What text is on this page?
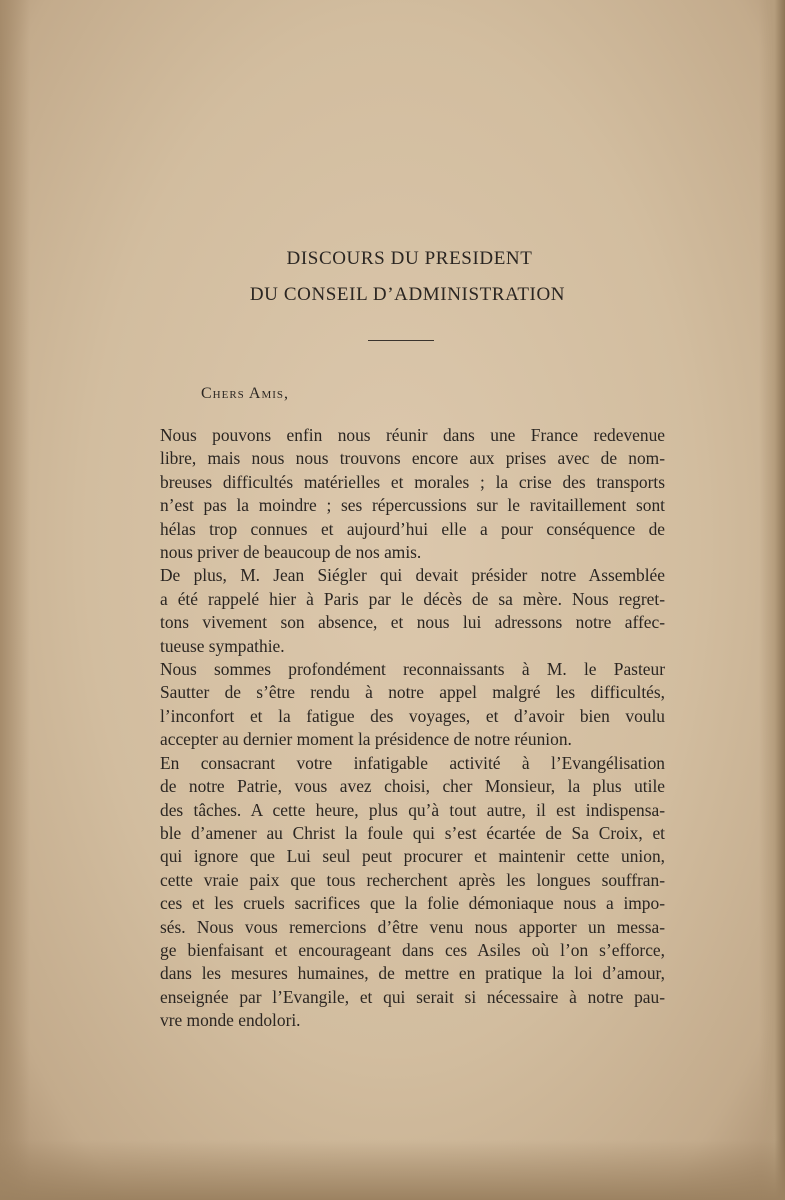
DISCOURS DU PRESIDENT
DU CONSEIL D’ADMINISTRATION
Chers Amis,

Nous pouvons enfin nous réunir dans une France redevenue
libre, mais nous nous trouvons encore aux prises avec de nom-
breuses difficultés matérielles et morales ; la crise des transports
n’est pas la moindre ; ses répercussions sur le ravitaillement sont
hélas trop connues et aujourd’hui elle a pour conséquence de
nous priver de beaucoup de nos amis.

De plus, M. Jean Siégler qui devait présider notre Assemblée
a été rappelé hier à Paris par le décès de sa mère. Nous regret-
tons vivement son absence, et nous lui adressons notre affec-
tueuse sympathie.

Nous sommes profondément reconnaissants à M. le Pasteur
Sautter de s’être rendu à notre appel malgré les difficultés,
l’inconfort et la fatigue des voyages, et d’avoir bien voulu
accepter au dernier moment la présidence de notre réunion.

En consacrant votre infatigable activité à l’Evangélisation
de notre Patrie, vous avez choisi, cher Monsieur, la plus utile
des tâches. A cette heure, plus qu’à tout autre, il est indispensa-
ble d’amener au Christ la foule qui s’est écartée de Sa Croix, et
qui ignore que Lui seul peut procurer et maintenir cette union,
cette vraie paix que tous recherchent après les longues souffran-
ces et les cruels sacrifices que la folie démoniaque nous a impo-
sés. Nous vous remercions d’être venu nous apporter un messa-
ge bienfaisant et encourageant dans ces Asiles où l’on s’efforce,
dans les mesures humaines, de mettre en pratique la loi d’amour,
enseignée par l’Evangile, et qui serait si nécessaire à notre pau-
vre monde endolori.
